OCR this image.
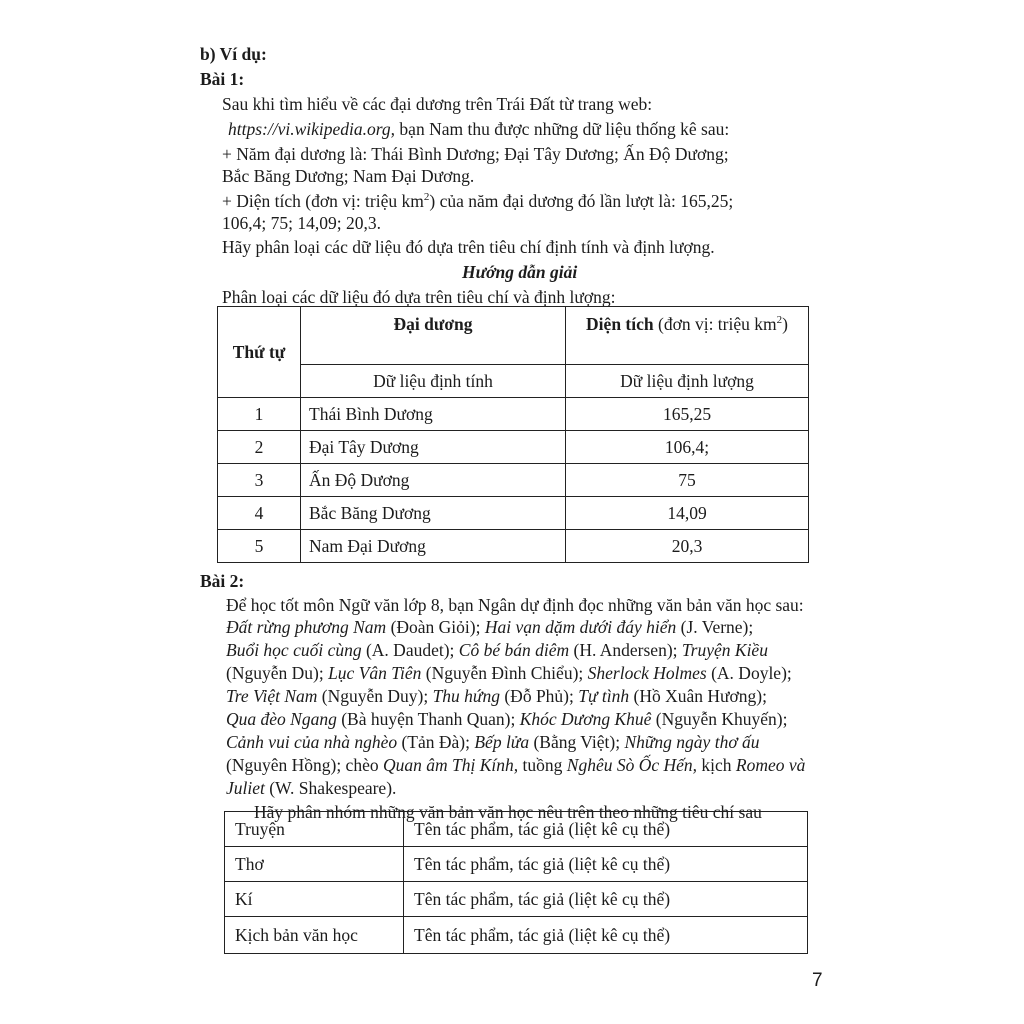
b) Ví dụ:
Bài 1:
Sau khi tìm hiểu về các đại dương trên Trái Đất từ trang web:
https://vi.wikipedia.org, bạn Nam thu được những dữ liệu thống kê sau:
+ Năm đại dương là: Thái Bình Dương; Đại Tây Dương; Ấn Độ Dương;
Bắc Băng Dương; Nam Đại Dương.
+ Diện tích (đơn vị: triệu $km^2$) của năm đại dương đó lần lượt là: 165,25;
106,4; 75; 14,09; 20,3.
Hãy phân loại các dữ liệu đó dựa trên tiêu chí định tính và định lượng.
Hướng dẫn giải
Phân loại các dữ liệu đó dựa trên tiêu chí và định lượng:
Thứ tự	Đại dương	Diện tích (đơn vị: triệu $km^2$)
	Dữ liệu định tính	Dữ liệu định lượng
1	Thái Bình Dương	165,25
2	Đại Tây Dương	106,4;
3	Ấn Độ Dương	75
4	Bắc Băng Dương	14,09
5	Nam Đại Dương	20,3
Bài 2:
Để học tốt môn Ngữ văn lớp 8, bạn Ngân dự định đọc những văn bản văn học sau:
Đất rừng phương Nam (Đoàn Giỏi); Hai vạn dặm dưới đáy hiển (J. Verne);
Buổi học cuối cùng (A. Daudet); Cô bé bán diêm (H. Andersen); Truyện Kiều
(Nguyễn Du); Lục Vân Tiên (Nguyễn Đình Chiểu); Sherlock Holmes (A. Doyle);
Tre Việt Nam (Nguyễn Duy); Thu hứng (Đỗ Phủ); Tự tình (Hồ Xuân Hương);
Qua đèo Ngang (Bà huyện Thanh Quan); Khóc Dương Khuê (Nguyễn Khuyến);
Cảnh vui của nhà nghèo (Tản Đà); Bếp lửa (Bằng Việt); Những ngày thơ ấu
(Nguyên Hồng); chèo Quan âm Thị Kính, tuồng Nghêu Sò Ốc Hến, kịch Romeo và
Juliet (W. Shakespeare).
Hãy phân nhóm những văn bản văn học nêu trên theo những tiêu chí sau
Truyện	Tên tác phẩm, tác giả (liệt kê cụ thể)
Thơ	Tên tác phẩm, tác giả (liệt kê cụ thể)
Kí	Tên tác phẩm, tác giả (liệt kê cụ thể)
Kịch bản văn học	Tên tác phẩm, tác giả (liệt kê cụ thể)
7
